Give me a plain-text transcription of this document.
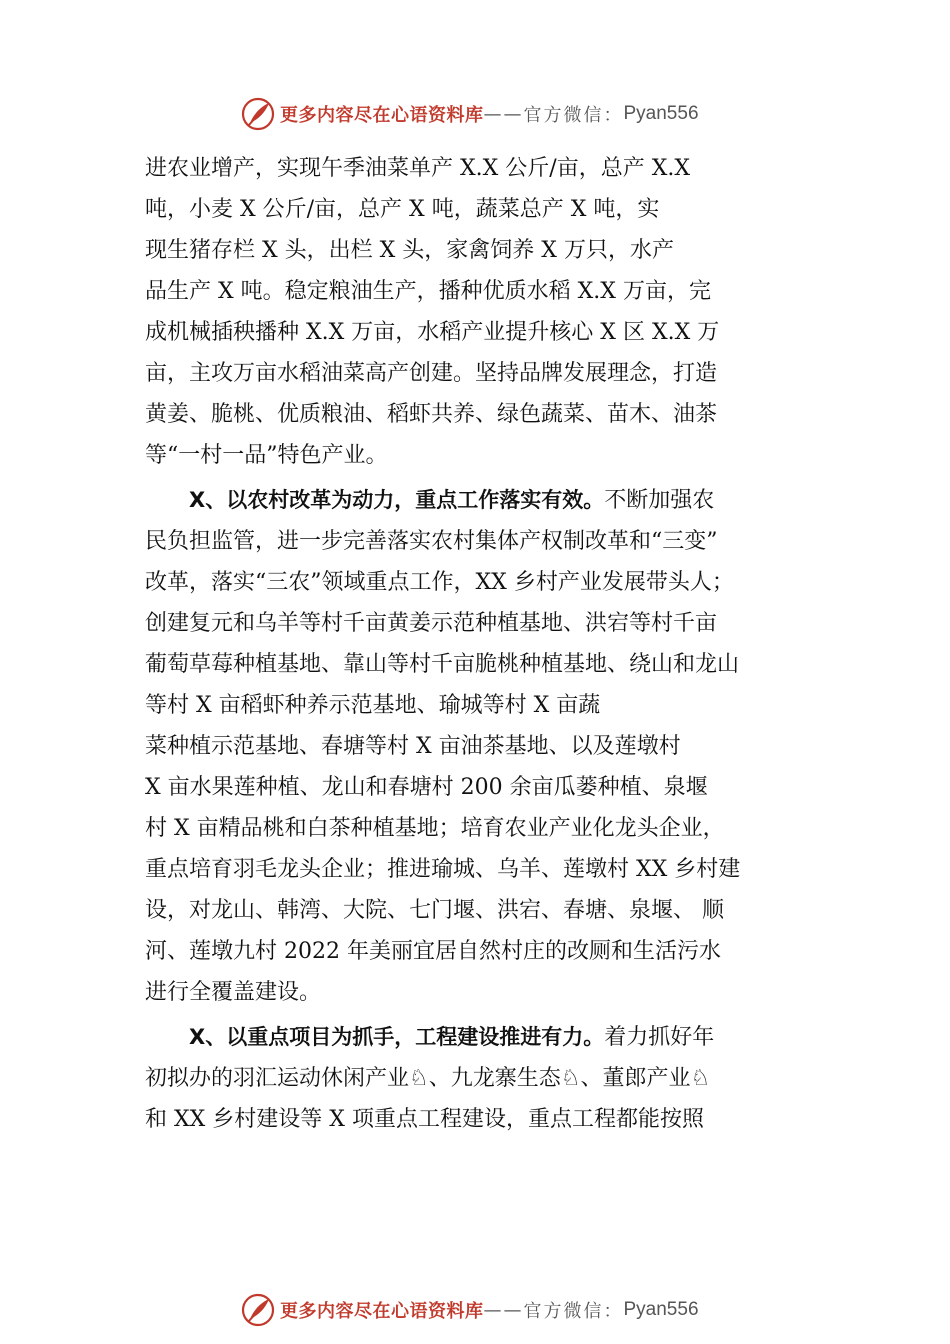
更多内容尽在心语资料库 —— 官方微信： Pyan556
进农业增产，实现午季油菜单产 X.X 公斤/亩，总产 X.X
吨，小麦 X 公斤/亩，总产 X 吨，蔬菜总产 X 吨，实
现生猪存栏 X 头，出栏 X 头，家禽饲养 X 万只，水产
品生产 X 吨。稳定粮油生产，播种优质水稻 X.X 万亩，完
成机械插秧播种 X.X 万亩，水稻产业提升核心 X 区 X.X 万
亩，主攻万亩水稻油菜高产创建。坚持品牌发展理念，打造
黄姜、脆桃、优质粮油、稻虾共养、绿色蔬菜、苗木、油茶
等“一村一品”特色产业。
X、以农村改革为动力，重点工作落实有效。不断加强农
民负担监管，进一步完善落实农村集体产权制改革和“三变”
改革，落实“三农”领域重点工作，XX 乡村产业发展带头人；
创建复元和乌羊等村千亩黄姜示范种植基地、洪宕等村千亩
葡萄草莓种植基地、靠山等村千亩脆桃种植基地、绕山和龙山
等村 X 亩稻虾种养示范基地、瑜城等村 X 亩蔬
菜种植示范基地、春塘等村 X 亩油茶基地、以及莲墩村
X 亩水果莲种植、龙山和春塘村 200 余亩瓜蒌种植、泉堰
村 X 亩精品桃和白茶种植基地；培育农业产业化龙头企业，
重点培育羽毛龙头企业；推进瑜城、乌羊、莲墩村 XX 乡村建
设，对龙山、韩湾、大院、七门堰、洪宕、春塘、泉堰、 顺
河、莲墩九村 2022 年美丽宜居自然村庄的改厕和生活污水
进行全覆盖建设。
X、以重点项目为抓手，工程建设推进有力。着力抓好年
初拟办的羽汇运动休闲产业♘、九龙寨生态♘、董郎产业♘
和 XX 乡村建设等 X 项重点工程建设，重点工程都能按照
更多内容尽在心语资料库 —— 官方微信： Pyan556
